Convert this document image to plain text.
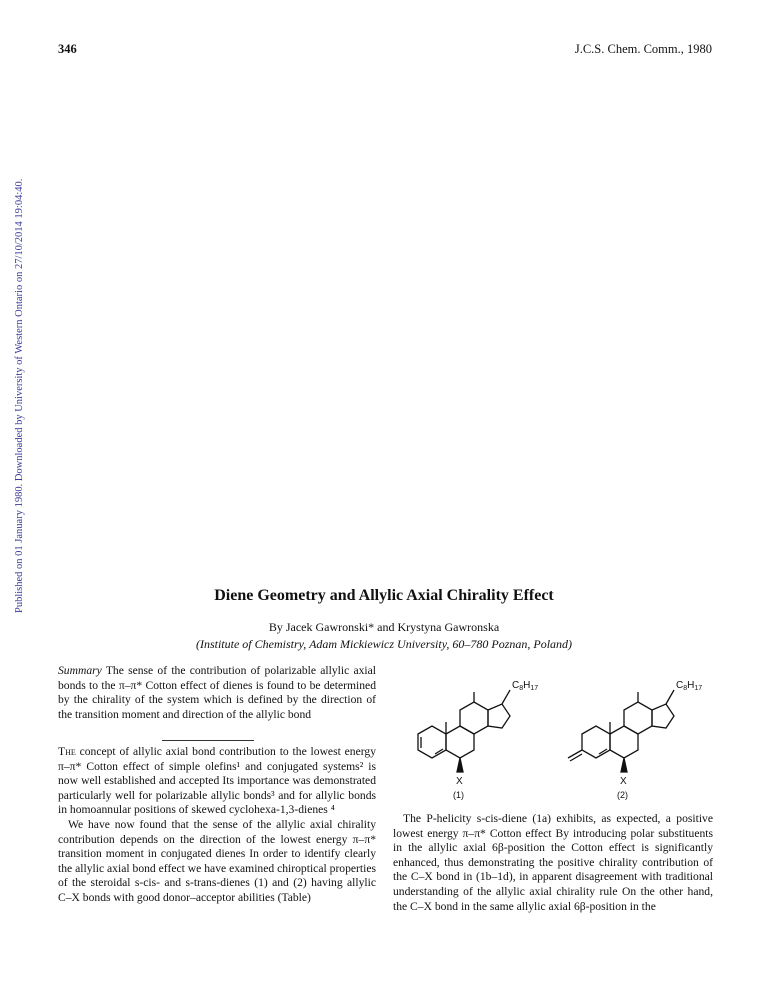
346	J.C.S. Chem. Comm., 1980
Published on 01 January 1980. Downloaded by University of Western Ontario on 27/10/2014 19:04:40.	Diene Geometry and Allylic Axial Chirality Effect
By Jacek Gawronski* and Krystyna Gawronska
(Institute of Chemistry, Adam Mickiewicz University, 60–780 Poznan, Poland)
Summary The sense of the contribution of polarizable allylic axial bonds to the π–π* Cotton effect of dienes is found to be determined by the chirality of the system which is defined by the direction of the transition moment and direction of the allylic bond

The concept of allylic axial bond contribution to the lowest energy π–π* Cotton effect of simple olefins¹ and conjugated systems² is now well established and accepted Its importance was demonstrated particularly well for polarizable allylic bonds³ and for allylic bonds in homoannular positions of skewed cyclohexa-1,3-dienes ⁴

We have now found that the sense of the allylic axial chirality contribution depends on the direction of the lowest energy π–π* transition moment in conjugated dienes In order to identify clearly the allylic axial bond effect we have examined chiroptical properties of the steroidal s-cis- and s-trans-dienes (1) and (2) having allylic C–X bonds with good donor–acceptor abilities (Table)

The P-helicity s-cis-diene (1a) exhibits, as expected, a positive lowest energy π–π* Cotton effect By introducing polar substituents in the allylic axial 6β-position the Cotton effect is significantly enhanced, thus demonstrating the positive chirality contribution of the C–X bond in (1b–1d), in apparent disagreement with traditional understanding of the allylic axial chirality rule On the other hand, the C–X bond in the same allylic axial 6β-position in the

$C_8H_{17}$
X
(1)
$C_8H_{17}$
X
(2)
